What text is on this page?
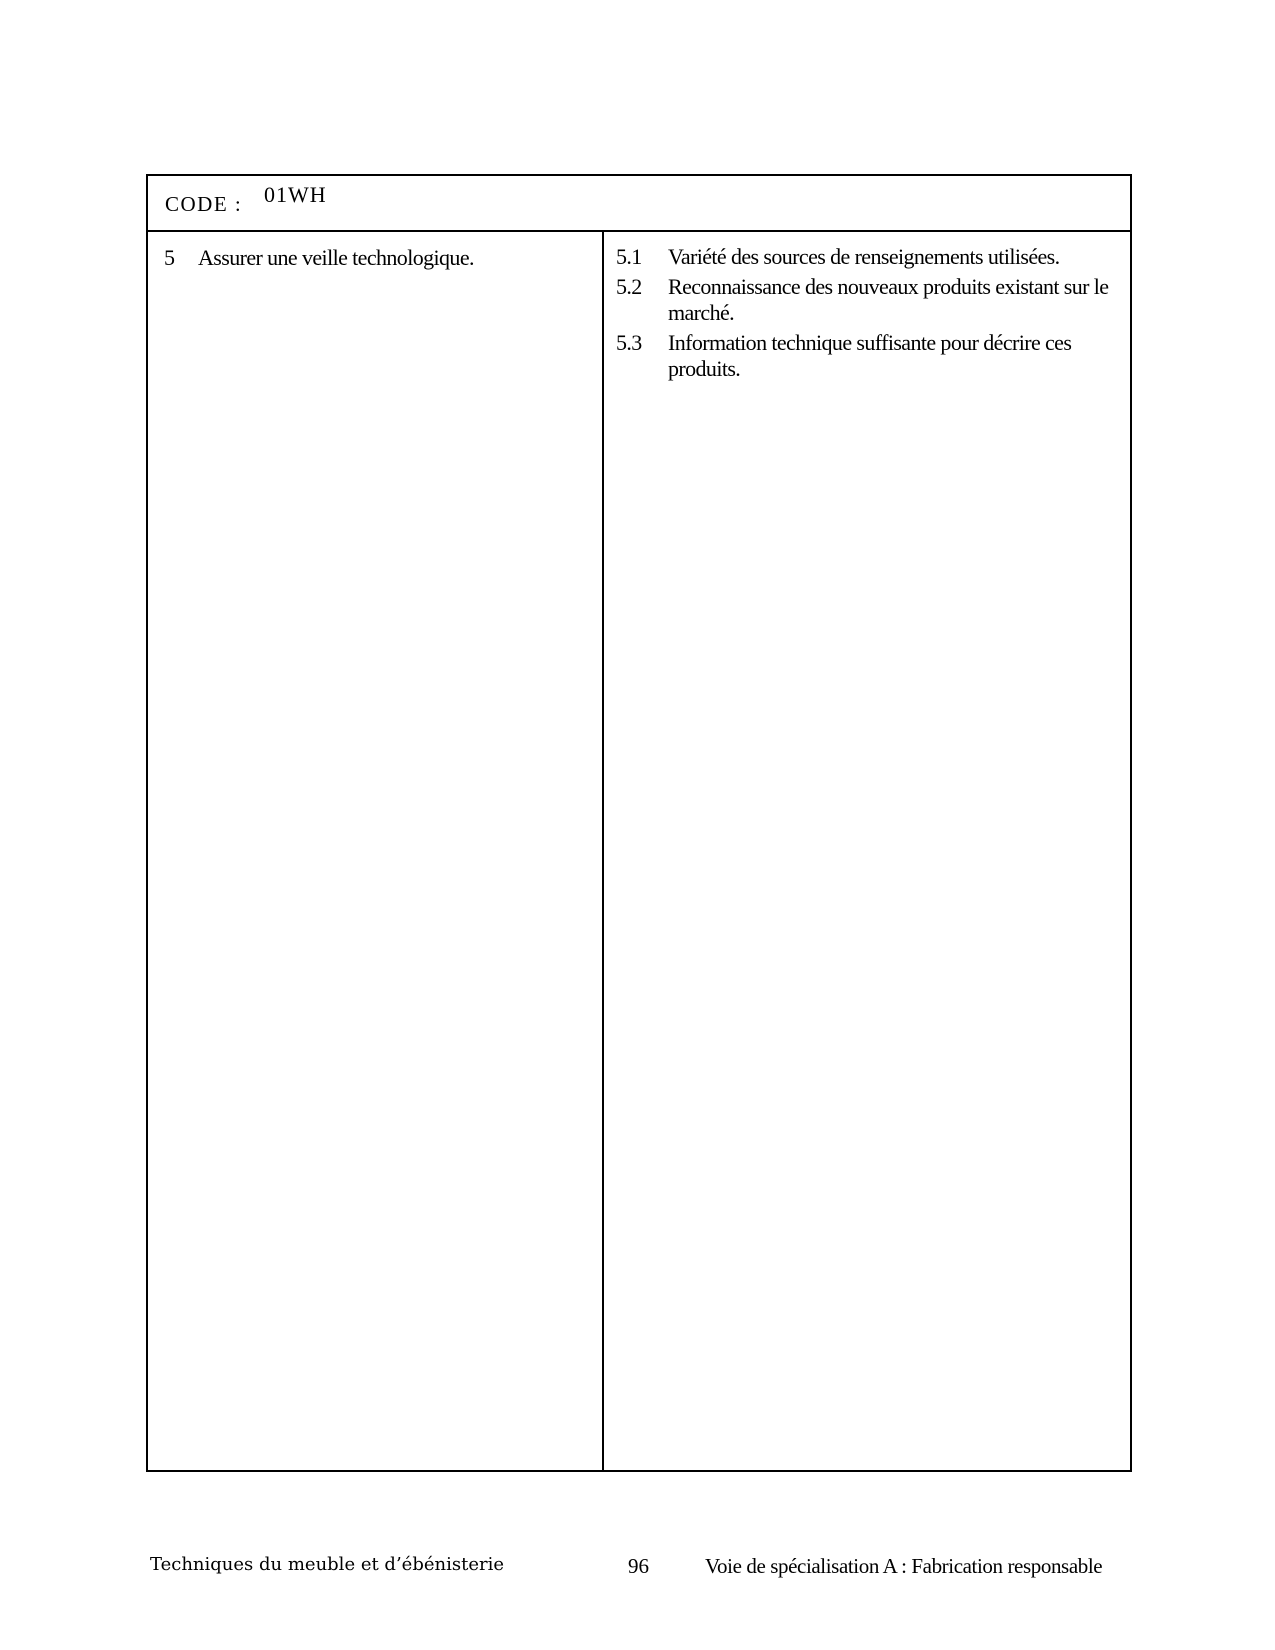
CODE : 01WH
5	Assurer une veille technologique.	5.1	Variété des sources de renseignements utilisées.
5.2	Reconnaissance des nouveaux produits existant sur le marché.
5.3	Information technique suffisante pour décrire ces produits.
Techniques du meuble et d’ébénisterie	96	Voie de spécialisation A : Fabrication responsable
